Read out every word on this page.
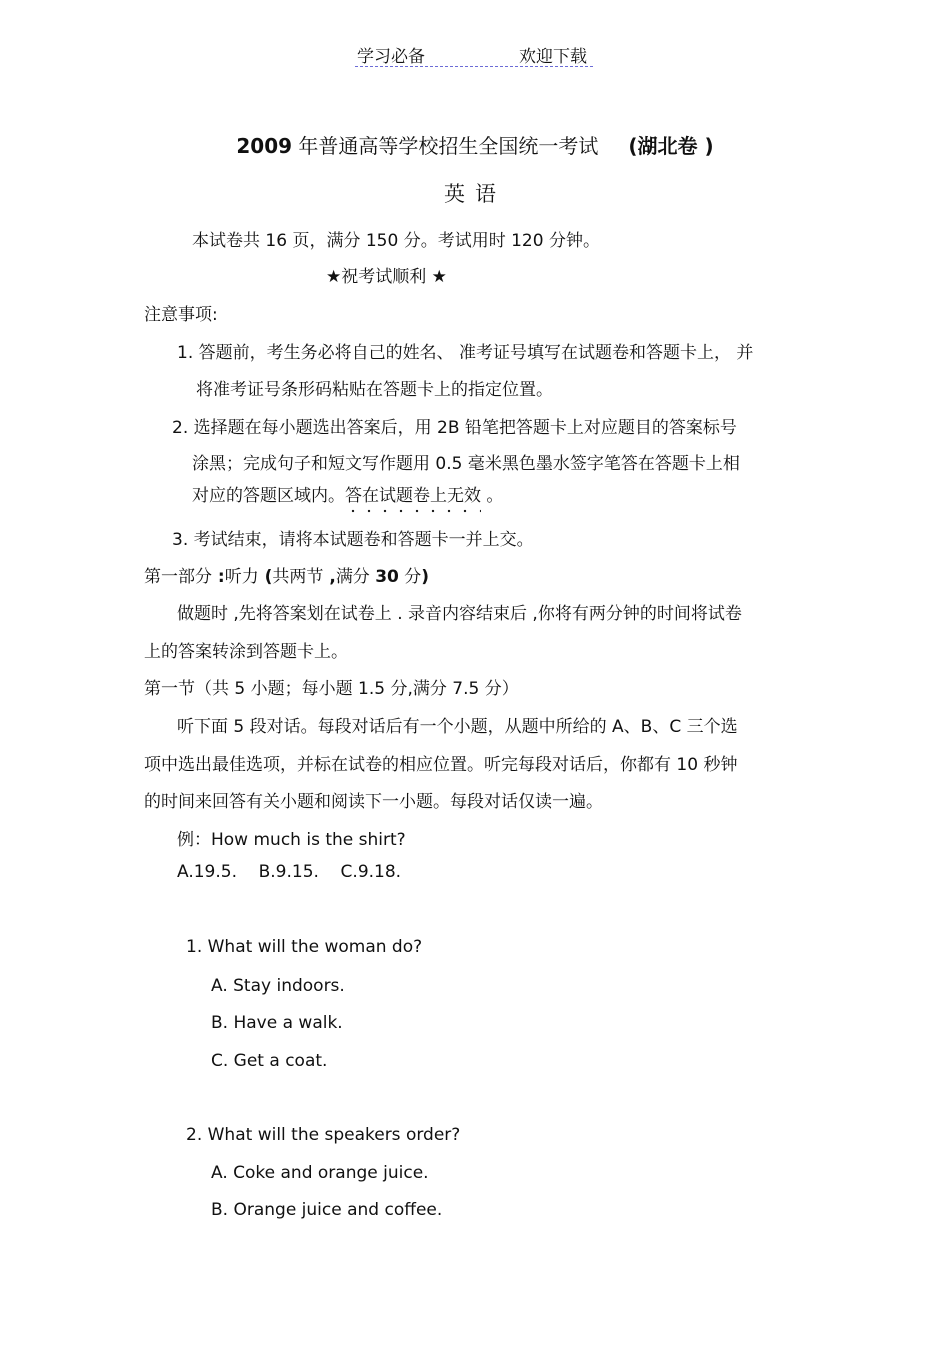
学习必备	欢迎下载
2009 年普通高等学校招生全国统一考试 (湖北卷 )
英语
本试卷共 16 页，满分 150 分。考试用时 120 分钟。
★祝考试顺利 ★
注意事项:
1. 答题前，考生务必将自己的姓名、 准考证号填写在试题卷和答题卡上， 并
将准考证号条形码粘贴在答题卡上的指定位置。
2. 选择题在每小题选出答案后，用 2B 铅笔把答题卡上对应题目的答案标号
涂黑；完成句子和短文写作题用 0.5 毫米黑色墨水签字笔答在答题卡上相
对应的答题区域内。答在试题卷上无效 。
3. 考试结束，请将本试题卷和答题卡一并上交。
第一部分 :听力 (共两节 ,满分 30 分)
做题时 ,先将答案划在试卷上 . 录音内容结束后 ,你将有两分钟的时间将试卷
上的答案转涂到答题卡上。
第一节（共 5 小题；每小题 1.5 分,满分 7.5 分）
听下面 5 段对话。每段对话后有一个小题，从题中所给的 A、B、C 三个选
项中选出最佳选项，并标在试卷的相应位置。听完每段对话后，你都有 10 秒钟
的时间来回答有关小题和阅读下一小题。每段对话仅读一遍。
例：How much is the shirt?
A.19.5.    B.9.15.    C.9.18.
1. What will the woman do?
A. Stay indoors.
B. Have a walk.
C. Get a coat.
2. What will the speakers order?
A. Coke and orange juice.
B. Orange juice and coffee.
